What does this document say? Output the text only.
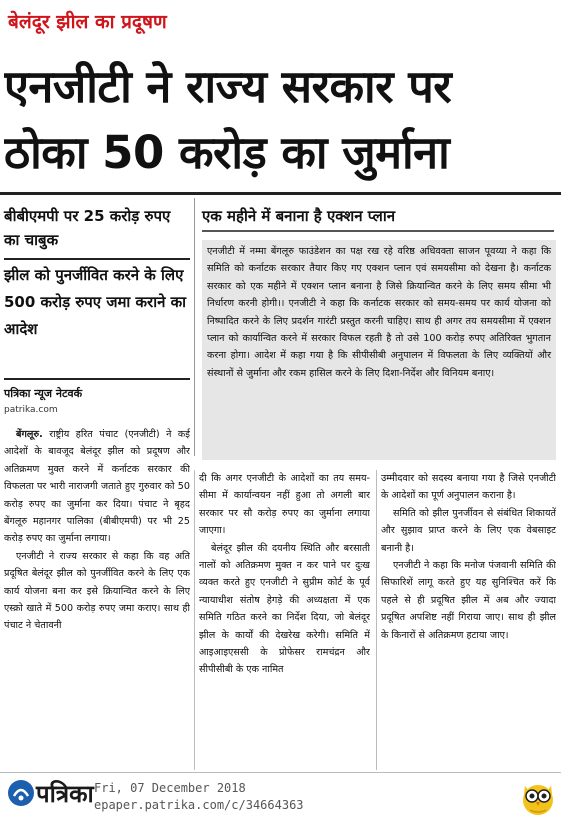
बेलंदूर झील का प्रदूषण
एनजीटी ने राज्य सरकार पर
ठोका 50 करोड़ का जुर्माना
बीबीएमपी पर 25 करोड़ रुपए का चाबुक
झील को पुनर्जीवित करने के लिए 500 करोड़ रुपए जमा कराने का आदेश
पत्रिका न्यूज नेटवर्क
patrika.com
एक महीने में बनाना है एक्शन प्लान
एनजीटी में नम्मा बेंगलूरु फाउंडेशन का पक्ष रख रहे वरिष्ठ अधिवक्ता साजन पूवय्या ने कहा कि समिति को कर्नाटक सरकार तैयार किए गए एक्शन प्लान एवं समयसीमा को देखना है। कर्नाटक सरकार को एक महीने में एक्शन प्लान बनाना है जिसे क्रियान्वित करने के लिए समय सीमा भी निर्धारण करनी होगी।। एनजीटी ने कहा कि कर्नाटक सरकार को समय-समय पर कार्य योजना को निष्पादित करने के लिए प्रदर्शन गारंटी प्रस्तुत करनी चाहिए। साथ ही अगर तय समयसीमा में एक्शन प्लान को कार्यान्वित करने में सरकार विफल रहती है तो उसे 100 करोड़ रुपए अतिरिक्त भुगतान करना होगा। आदेश में कहा गया है कि सीपीसीबी अनुपालन में विफलता के लिए व्यक्तियों और संस्थानों से जुर्माना और रकम हासिल करने के लिए दिशा-निर्देश और विनियम बनाए।

बेंगलूरु. राष्ट्रीय हरित पंचाट (एनजीटी) ने कई आदेशों के बावजूद बेलंदूर झील को प्रदूषण और अतिक्रमण मुक्त करने में कर्नाटक सरकार की विफलता पर भारी नाराजगी जताते हुए गुरुवार को 50 करोड़ रुपए का जुर्माना कर दिया। पंचाट ने बृहद बेंगलूरु महानगर पालिका (बीबीएमपी) पर भी 25 करोड़ रुपए का जुर्माना लगाया।

एनजीटी ने राज्य सरकार से कहा कि वह अति प्रदूषित बेलंदूर झील को पुनर्जीवित करने के लिए एक कार्य योजना बना कर इसे क्रियान्वित करने के लिए एस्क्रो खाते में 500 करोड़ रुपए जमा कराए। साथ ही पंचाट ने चेतावनी

दी कि अगर एनजीटी के आदेशों का तय समय-सीमा में कार्यान्वयन नहीं हुआ तो अगली बार सरकार पर सौ करोड़ रुपए का जुर्माना लगाया जाएगा।

बेलंदूर झील की दयनीय स्थिति और बरसाती नालों को अतिक्रमण मुक्त न कर पाने पर दुःख व्यक्त करते हुए एनजीटी ने सुप्रीम कोर्ट के पूर्व न्यायाधीश संतोष हेगड़े की अध्यक्षता में एक समिति गठित करने का निर्देश दिया, जो बेलंदूर झील के कार्यों की देखरेख करेगी। समिति में आइआइएससी के प्रोफेसर रामचंद्रन और सीपीसीबी के एक नामित

उम्मीदवार को सदस्य बनाया गया है जिसे एनजीटी के आदेशों का पूर्ण अनुपालन कराना है।

समिति को झील पुनर्जीवन से संबंधित शिकायतें और सुझाव प्राप्त करने के लिए एक वेबसाइट बनानी है।

एनजीटी ने कहा कि मनोज पंजवानी समिति की सिफारिशें लागू करते हुए यह सुनिश्चित करें कि पहले से ही प्रदूषित झील में अब और ज्यादा प्रदूषित अपशिष्ट नहीं गिराया जाए। साथ ही झील के किनारों से अतिक्रमण हटाया जाए।

पत्रिका Fri, 07 December 2018
epaper.patrika.com/c/34664363
